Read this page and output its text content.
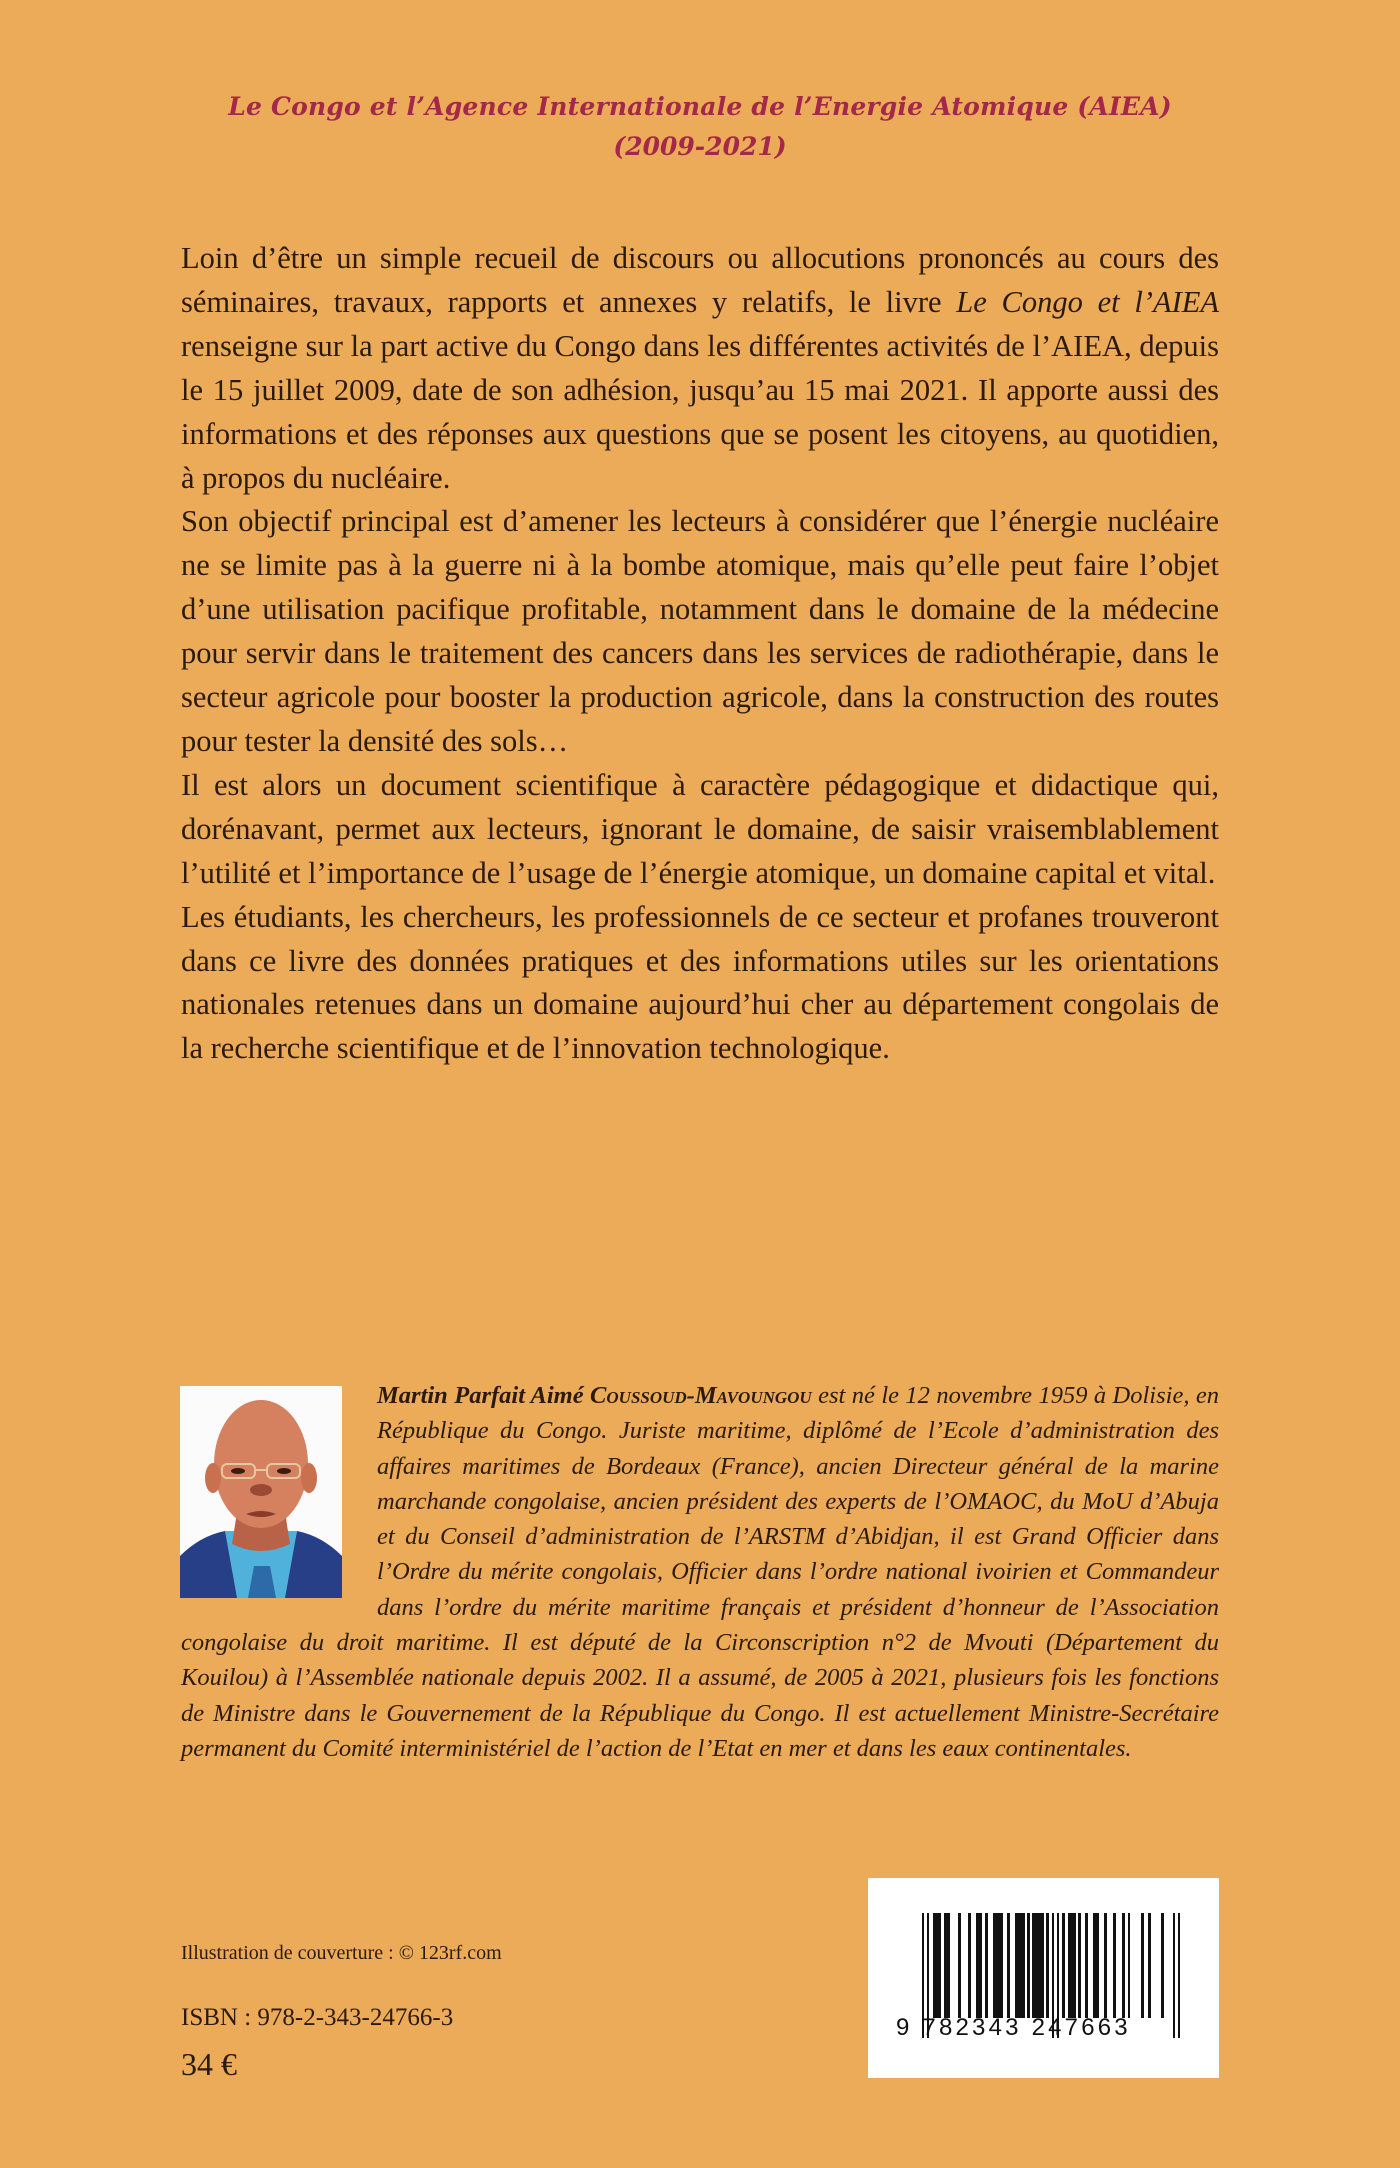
Le Congo et l’Agence Internationale de l’Energie Atomique (AIEA)
(2009-2021)

Loin d’être un simple recueil de discours ou allocutions prononcés au cours des séminaires, travaux, rapports et annexes y relatifs, le livre Le Congo et l’AIEA renseigne sur la part active du Congo dans les différentes activités de l’AIEA, depuis le 15 juillet 2009, date de son adhésion, jusqu’au 15 mai 2021. Il apporte aussi des informations et des réponses aux questions que se posent les citoyens, au quotidien, à propos du nucléaire.

Son objectif principal est d’amener les lecteurs à considérer que l’énergie nucléaire ne se limite pas à la guerre ni à la bombe atomique, mais qu’elle peut faire l’objet d’une utilisation pacifique profitable, notamment dans le domaine de la médecine pour servir dans le traitement des cancers dans les services de radiothérapie, dans le secteur agricole pour booster la production agricole, dans la construction des routes pour tester la densité des sols…

Il est alors un document scientifique à caractère pédagogique et didactique qui, dorénavant, permet aux lecteurs, ignorant le domaine, de saisir vraisemblablement l’utilité et l’importance de l’usage de l’énergie atomique, un domaine capital et vital.

Les étudiants, les chercheurs, les professionnels de ce secteur et profanes trouveront dans ce livre des données pratiques et des informations utiles sur les orientations nationales retenues dans un domaine aujourd’hui cher au département congolais de la recherche scientifique et de l’innovation technologique.

Martin Parfait Aimé Coussoud-Mavoungou est né le 12 novembre 1959 à Dolisie, en République du Congo. Juriste maritime, diplômé de l’Ecole d’administration des affaires maritimes de Bordeaux (France), ancien Directeur général de la marine marchande congolaise, ancien président des experts de l’OMAOC, du MoU d’Abuja et du Conseil d’administration de l’ARSTM d’Abidjan, il est Grand Officier dans l’Ordre du mérite congolais, Officier dans l’ordre national ivoirien et Commandeur dans l’ordre du mérite maritime français et président d’honneur de l’Association congolaise du droit maritime. Il est député de la Circonscription n°2 de Mvouti (Département du Kouilou) à l’Assemblée nationale depuis 2002. Il a assumé, de 2005 à 2021, plusieurs fois les fonctions de Ministre dans le Gouvernement de la République du Congo. Il est actuellement Ministre-Secrétaire permanent du Comité interministériel de l’action de l’Etat en mer et dans les eaux continentales.
Illustration de couverture : © 123rf.com
ISBN : 978-2-343-24766-3
34 €
9 782343 247663
